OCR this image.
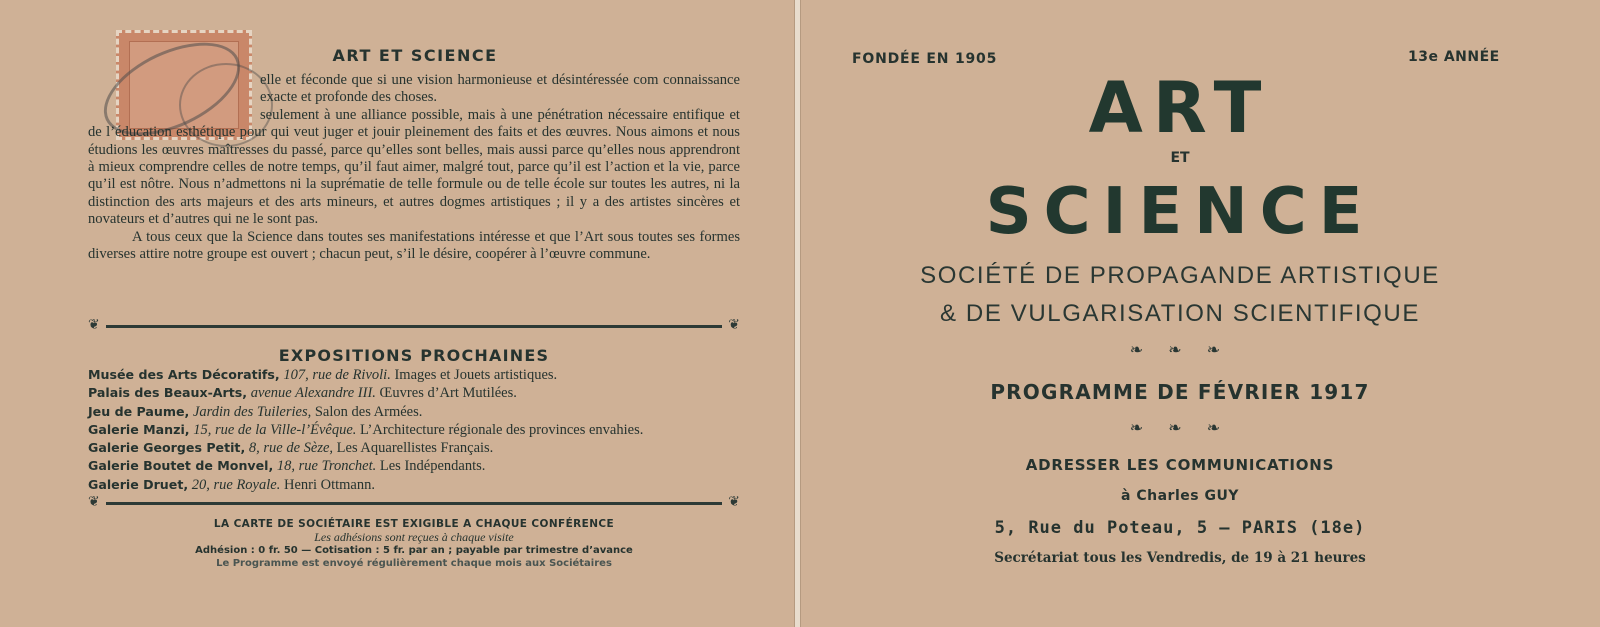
ART ET SCIENCE

elle et féconde que si une vision harmonieuse et désintéressée com connaissance exacte et profonde des choses.

seulement à une alliance possible, mais à une pénétration nécessaire entifique et de l’éducation esthétique pour qui veut juger et jouir pleinement des faits et des œuvres. Nous aimons et nous étudions les œuvres maîtresses du passé, parce qu’elles sont belles, mais aussi parce qu’elles nous apprendront à mieux comprendre celles de notre temps, qu’il faut aimer, malgré tout, parce qu’il est l’action et la vie, parce qu’il est nôtre. Nous n’admettons ni la suprématie de telle formule ou de telle école sur toutes les autres, ni la distinction des arts majeurs et des arts mineurs, et autres dogmes artistiques ; il y a des artistes sincères et novateurs et d’autres qui ne le sont pas.

A tous ceux que la Science dans toutes ses manifestations intéresse et que l’Art sous toutes ses formes diverses attire notre groupe est ouvert ; chacun peut, s’il le désire, coopérer à l’œuvre commune.

❦	❦
EXPOSITIONS PROCHAINES
Musée des Arts Décoratifs, 107, rue de Rivoli. Images et Jouets artistiques.
Palais des Beaux-Arts, avenue Alexandre III. Œuvres d’Art Mutilées.
Jeu de Paume, Jardin des Tuileries, Salon des Armées.
Galerie Manzi, 15, rue de la Ville-l’Évêque. L’Architecture régionale des provinces envahies.
Galerie Georges Petit, 8, rue de Sèze, Les Aquarellistes Français.
Galerie Boutet de Monvel, 18, rue Tronchet. Les Indépendants.
Galerie Druet, 20, rue Royale. Henri Ottmann.
❦	❦
LA CARTE DE SOCIÉTAIRE EST EXIGIBLE A CHAQUE CONFÉRENCE
Les adhésions sont reçues à chaque visite
Adhésion : 0 fr. 50 — Cotisation : 5 fr. par an ; payable par trimestre d’avance
Le Programme est envoyé régulièrement chaque mois aux Sociétaires
FONDÉE EN 1905	13e ANNÉE
ART
ET
SCIENCE
SOCIÉTÉ DE PROPAGANDE ARTISTIQUE
& DE VULGARISATION SCIENTIFIQUE
❧ ❧ ❧
PROGRAMME DE FÉVRIER 1917
❧ ❧ ❧
ADRESSER LES COMMUNICATIONS
à Charles GUY
5, Rue du Poteau, 5 — PARIS (18e)
Secrétariat tous les Vendredis, de 19 à 21 heures
